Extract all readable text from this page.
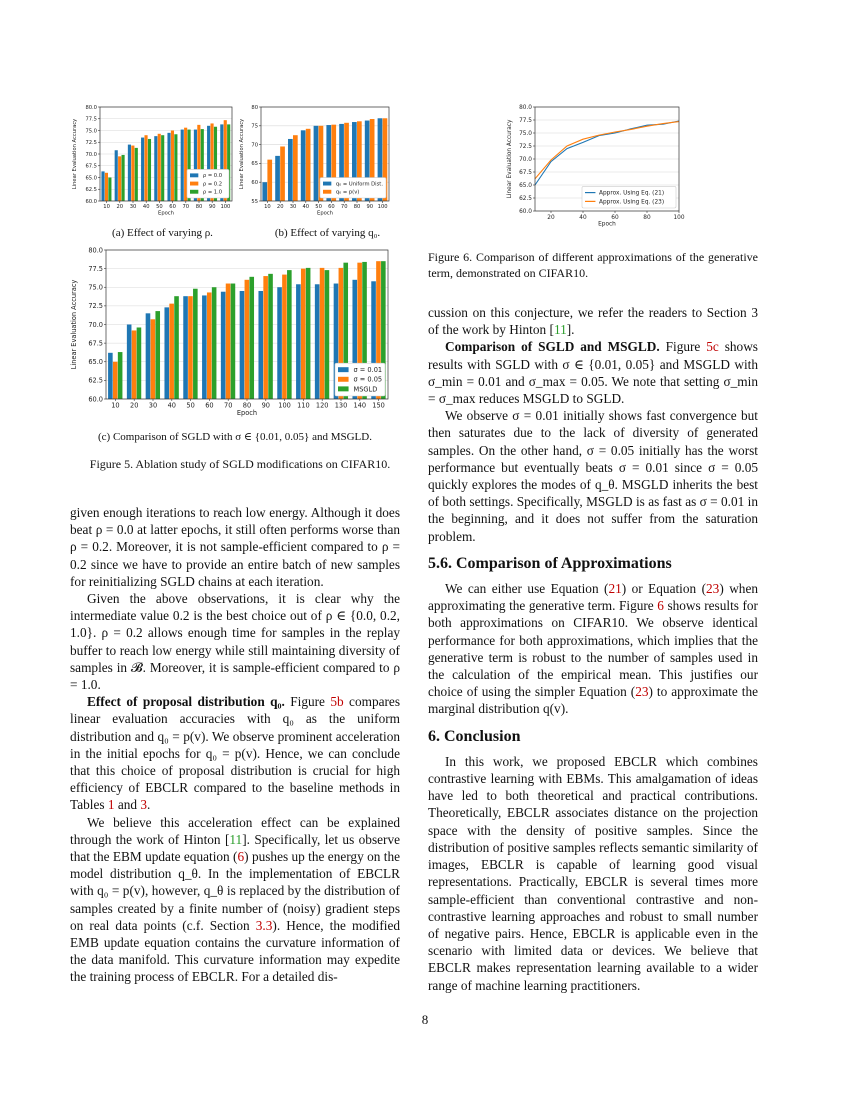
60.0
62.5
65.0
67.5
70.0
72.5
75.0
77.5
80.0
10 20 30 40 50 60 70 80 90 100
Epoch
Linear Evaluation Accuracy	ρ = 0.0
ρ = 0.2
ρ = 1.0
(a) Effect of varying ρ.
55
60
65
70
75
80
10 20 30 40 50 60 70 80 90 100
Epoch
Linear Evaluation Accuracy	q₀ = Uniform Dist.
q₀ = p(v)
(b) Effect of varying q₀.
60.0
62.5
65.0
67.5
70.0
72.5
75.0
77.5
80.0
10 20 30 40 50 60 70 80 90 100 110 120 130 140 150
Epoch
Linear Evaluation Accuracy
σ = 0.01
σ = 0.05
MSGLD
(c) Comparison of SGLD with σ ∈ {0.01, 0.05} and MSGLD.
Figure 5. Ablation study of SGLD modifications on CIFAR10.
60.0
62.5
65.0
67.5
70.0
72.5
75.0
77.5
80.0
20	40	60	80	100
Epoch
Linear Evaluation Accuracy	Approx. Using Eq. (21)
Approx. Using Eq. (23)
Figure 6. Comparison of different approximations of the generative term, demonstrated on CIFAR10.

given enough iterations to reach low energy. Although it does beat ρ = 0.0 at latter epochs, it still often performs worse than ρ = 0.2. Moreover, it is not sample-efficient compared to ρ = 0.2 since we have to provide an entire batch of new samples for reinitializing SGLD chains at each iteration.

Given the above observations, it is clear why the intermediate value 0.2 is the best choice out of ρ ∈ {0.0, 0.2, 1.0}. ρ = 0.2 allows enough time for samples in the replay buffer to reach low energy while still maintaining diversity of samples in 𝓑. Moreover, it is sample-efficient compared to ρ = 1.0.

Effect of proposal distribution q₀. Figure 5b compares linear evaluation accuracies with q₀ as the uniform distribution and q₀ = p(v). We observe prominent acceleration in the initial epochs for q₀ = p(v). Hence, we can conclude that this choice of proposal distribution is crucial for high efficiency of EBCLR compared to the baseline methods in Tables 1 and 3.

We believe this acceleration effect can be explained through the work of Hinton [11]. Specifically, let us observe that the EBM update equation (6) pushes up the energy on the model distribution q_θ. In the implementation of EBCLR with q₀ = p(v), however, q_θ is replaced by the distribution of samples created by a finite number of (noisy) gradient steps on real data points (c.f. Section 3.3). Hence, the modified EMB update equation contains the curvature information of the data manifold. This curvature information may expedite the training process of EBCLR. For a detailed dis-

cussion on this conjecture, we refer the readers to Section 3 of the work by Hinton [11].

Comparison of SGLD and MSGLD. Figure 5c shows results with SGLD with σ ∈ {0.01, 0.05} and MSGLD with σ_min = 0.01 and σ_max = 0.05. We note that setting σ_min = σ_max reduces MSGLD to SGLD.

We observe σ = 0.01 initially shows fast convergence but then saturates due to the lack of diversity of generated samples. On the other hand, σ = 0.05 initially has the worst performance but eventually beats σ = 0.01 since σ = 0.05 quickly explores the modes of q_θ. MSGLD inherits the best of both settings. Specifically, MSGLD is as fast as σ = 0.01 in the beginning, and it does not suffer from the saturation problem.

5.6. Comparison of Approximations

We can either use Equation (21) or Equation (23) when approximating the generative term. Figure 6 shows results for both approximations on CIFAR10. We observe identical performance for both approximations, which implies that the generative term is robust to the number of samples used in the calculation of the empirical mean. This justifies our choice of using the simpler Equation (23) to approximate the marginal distribution q(v).

6. Conclusion

In this work, we proposed EBCLR which combines contrastive learning with EBMs. This amalgamation of ideas have led to both theoretical and practical contributions. Theoretically, EBCLR associates distance on the projection space with the density of positive samples. Since the distribution of positive samples reflects semantic similarity of images, EBCLR is capable of learning good visual representations. Practically, EBCLR is several times more sample-efficient than conventional contrastive and non-contrastive learning approaches and robust to small number of negative pairs. Hence, EBCLR is applicable even in the scenario with limited data or devices. We believe that EBCLR makes representation learning available to a wider range of machine learning practitioners.

8
